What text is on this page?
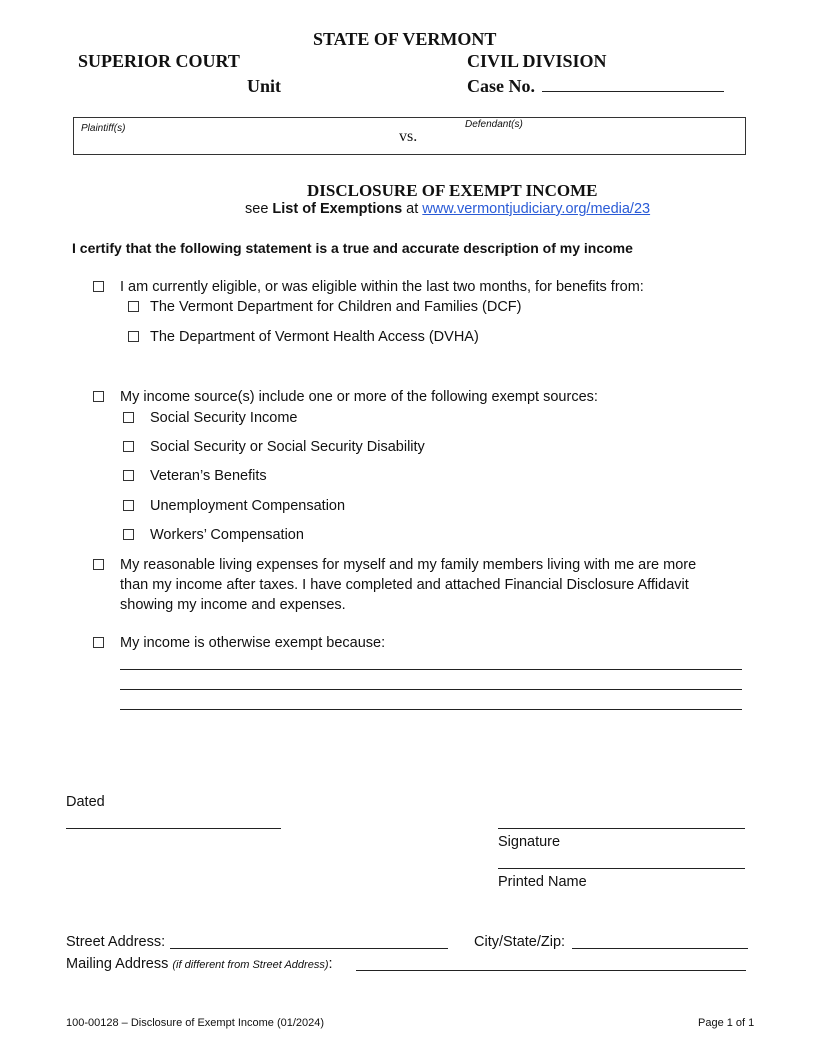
STATE OF VERMONT
SUPERIOR COURT	CIVIL DIVISION
Unit	Case No.
Plaintiff(s)	vs.
Defendant(s)
DISCLOSURE OF EXEMPT INCOME
see List of Exemptions at www.vermontjudiciary.org/media/23
I certify that the following statement is a true and accurate description of my income
I am currently eligible, or was eligible within the last two months, for benefits from:
The Vermont Department for Children and Families (DCF)
The Department of Vermont Health Access (DVHA)
My income source(s) include one or more of the following exempt sources:
Social Security Income
Social Security or Social Security Disability
Veteran’s Benefits
Unemployment Compensation
Workers’ Compensation
My reasonable living expenses for myself and my family members living with me are more
than my income after taxes. I have completed and attached Financial Disclosure Affidavit
showing my income and expenses.
My income is otherwise exempt because:
Dated
Signature
Printed Name
Street Address:	City/State/Zip:
Mailing Address (if different from Street Address):
100-00128 – Disclosure of Exempt Income (01/2024)	Page 1 of 1
